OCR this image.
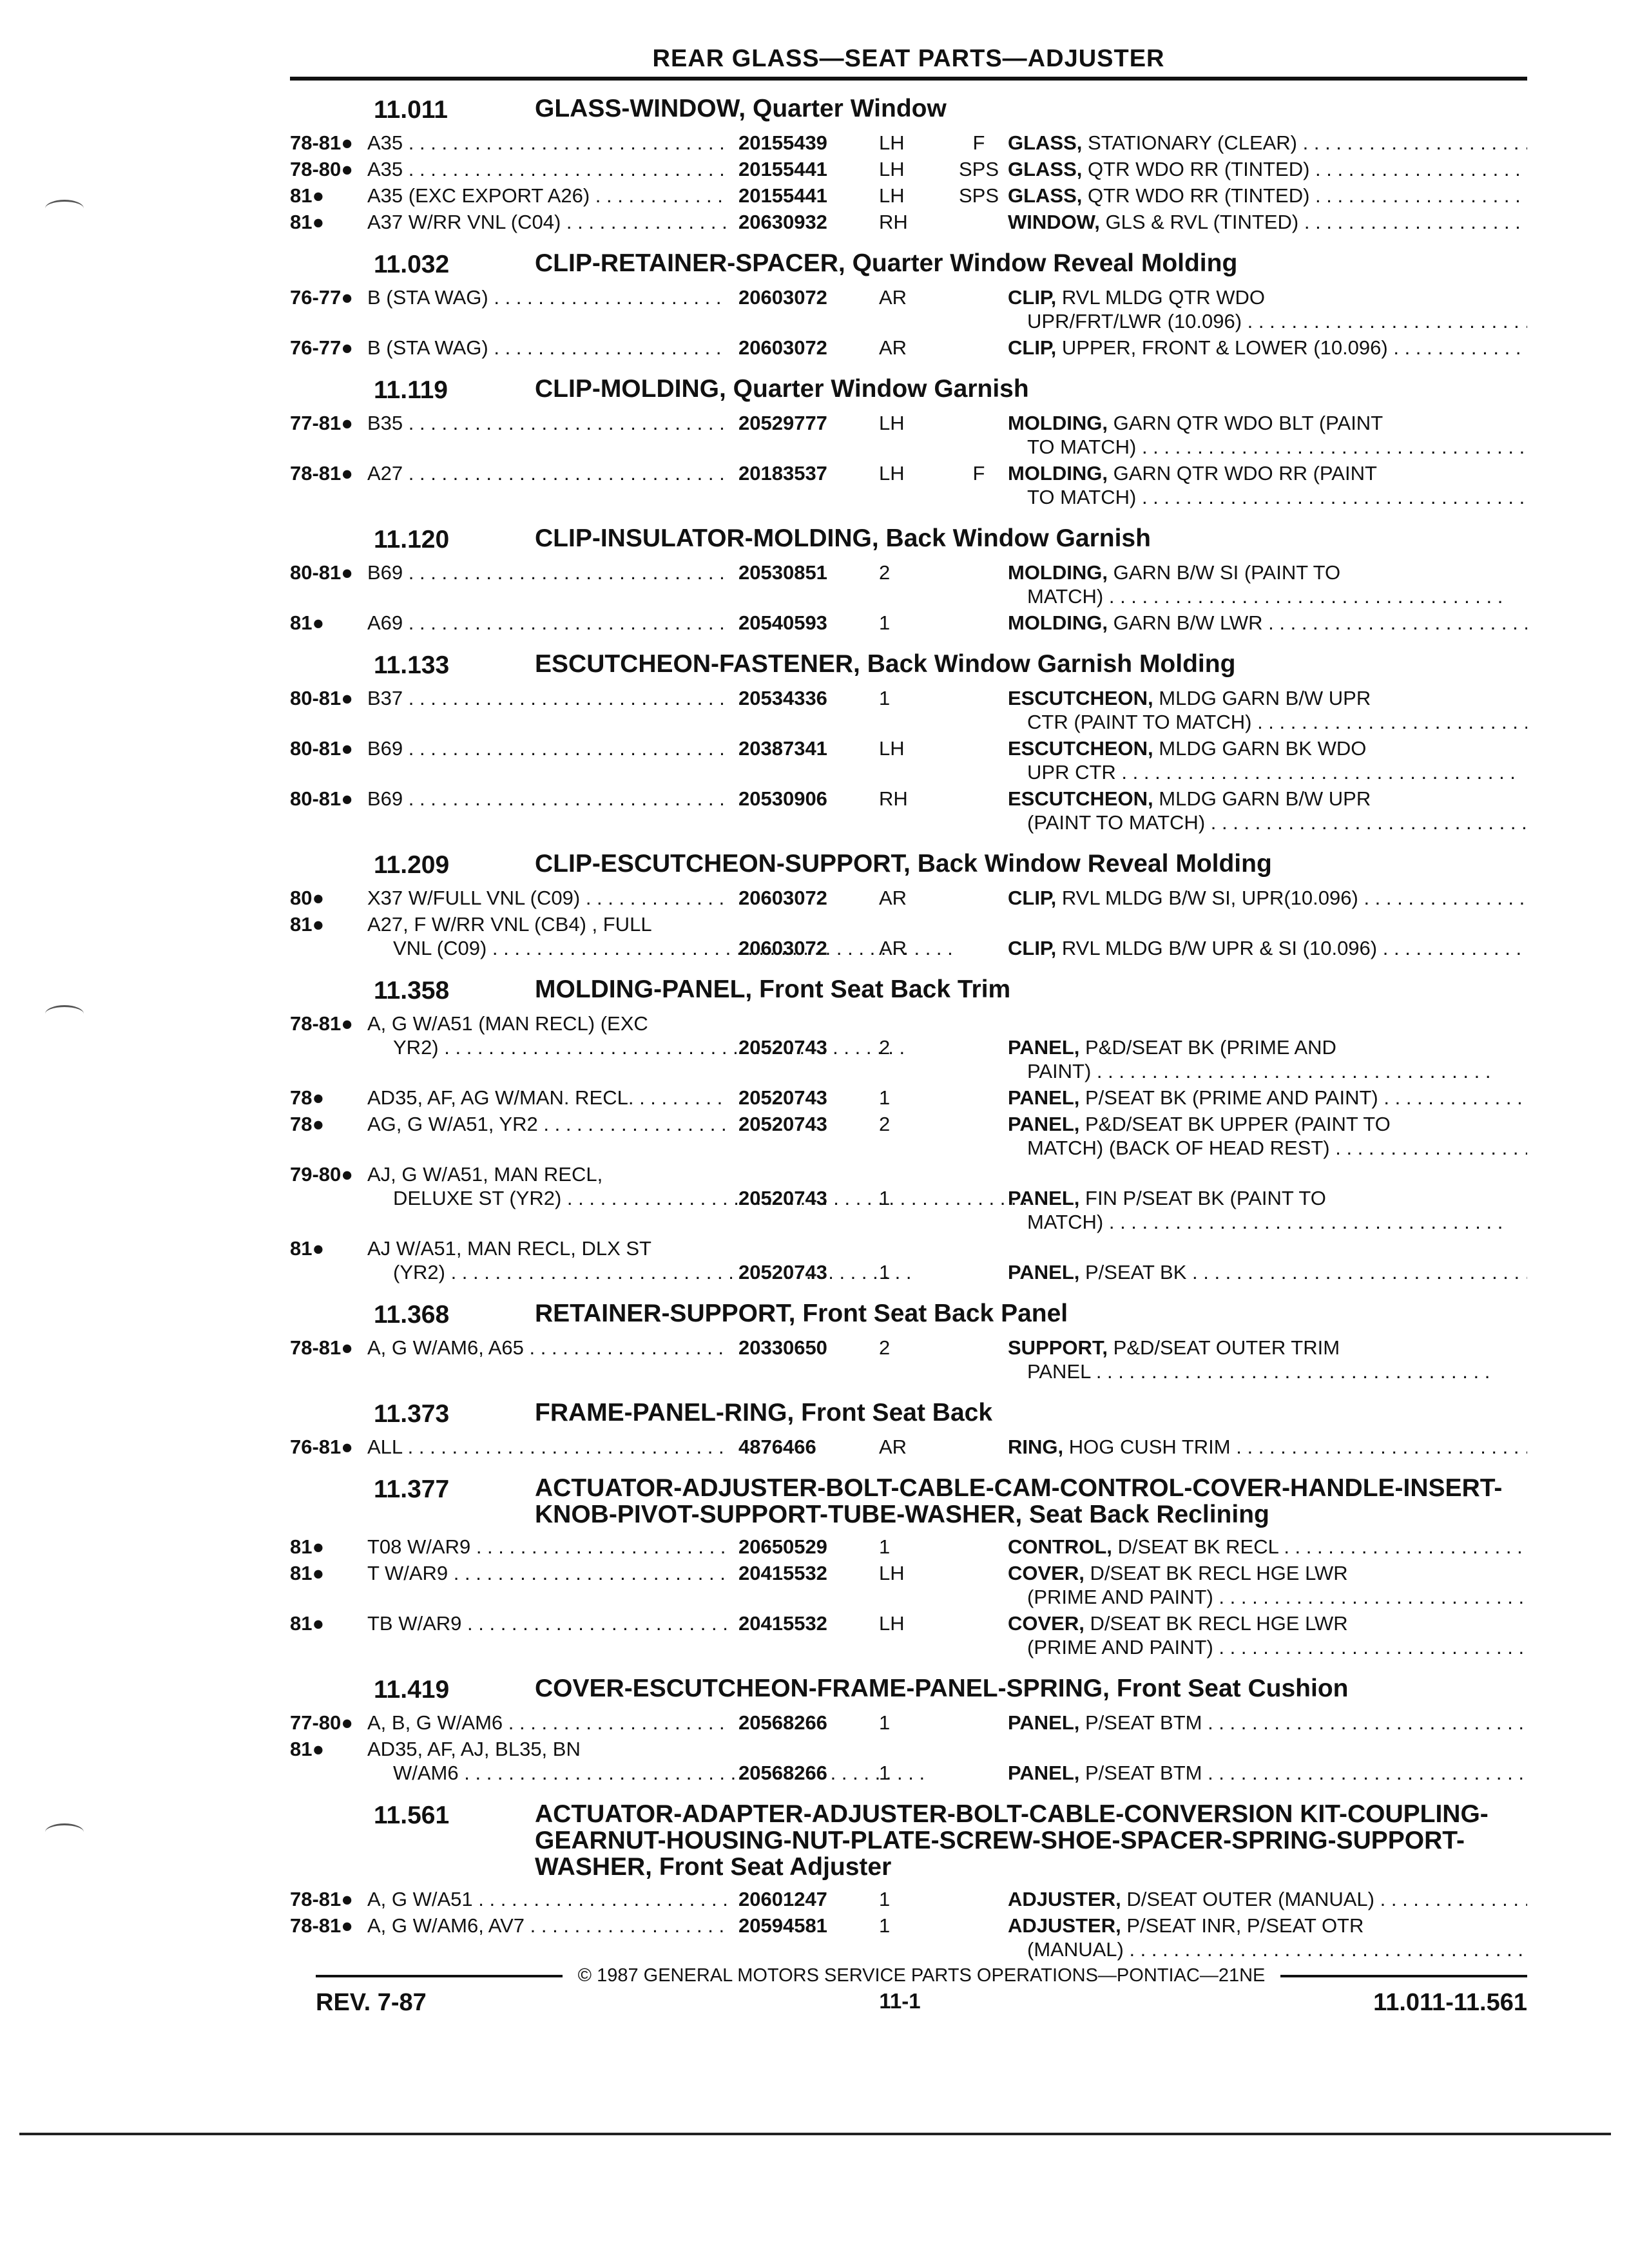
REAR GLASS—SEAT PARTS—ADJUSTER
11.011	GLASS-WINDOW, Quarter Window
78-81● A35 . . .	20155439	LH	F	GLASS, STATIONARY (CLEAR) . . .
78-80● A35 . . .	20155441	LH	SPS GLASS, QTR WDO RR (TINTED) . . .
81●	A35 (EXC EXPORT A26) . . .	20155441	LH	SPS GLASS, QTR WDO RR (TINTED) . . .
81●	A37 W/RR VNL (C04) . . .	20630932	RH	WINDOW, GLS & RVL (TINTED) . . .
11.032	CLIP-RETAINER-SPACER, Quarter Window Reveal Molding
76-77● B (STA WAG) . . .	20603072	AR	CLIP, RVL MLDG QTR WDO
UPR/FRT/LWR (10.096) . . .
76-77● B (STA WAG) . . .	20603072	AR	CLIP, UPPER, FRONT & LOWER (10.096) . . .
11.119	CLIP-MOLDING, Quarter Window Garnish
77-81● B35 . . .	20529777	LH	MOLDING, GARN QTR WDO BLT (PAINT
TO MATCH) . . .
78-81● A27 . . .	20183537	LH	F	MOLDING, GARN QTR WDO RR (PAINT
TO MATCH) . . .
11.120	CLIP-INSULATOR-MOLDING, Back Window Garnish
80-81● B69 . . .	20530851	2	MOLDING, GARN B/W SI (PAINT TO
MATCH) . . .
81●	A69 . . .	20540593	1	MOLDING, GARN B/W LWR . . .
11.133	ESCUTCHEON-FASTENER, Back Window Garnish Molding
80-81● B37 . . .	20534336	1	ESCUTCHEON, MLDG GARN B/W UPR
CTR (PAINT TO MATCH) . . .
80-81● B69 . . .	20387341	LH	ESCUTCHEON, MLDG GARN BK WDO
UPR CTR . . .
80-81● B69 . . .	20530906	RH	ESCUTCHEON, MLDG GARN B/W UPR
(PAINT TO MATCH) . . .
11.209	CLIP-ESCUTCHEON-SUPPORT, Back Window Reveal Molding
80●	X37 W/FULL VNL (C09) . . .	20603072	AR	CLIP, RVL MLDG B/W SI, UPR(10.096) . . .
81●	A27, F W/RR VNL (CB4) , FULL
VNL (C09) . . .	20603072	AR	CLIP, RVL MLDG B/W UPR & SI (10.096) . . .
11.358	MOLDING-PANEL, Front Seat Back Trim
78-81● A, G W/A51 (MAN RECL) (EXC
YR2) . . .	20520743	2	PANEL, P&D/SEAT BK (PRIME AND
PAINT) . . .
78●	AD35, AF, AG W/MAN. RECL. . . .	20520743	1	PANEL, P/SEAT BK (PRIME AND PAINT) . . .
78●	AG, G W/A51, YR2 . . .	20520743	2	PANEL, P&D/SEAT BK UPPER (PAINT TO
MATCH) (BACK OF HEAD REST) . . .
79-80● AJ, G W/A51, MAN RECL,
DELUXE ST (YR2) . . .	20520743	1	PANEL, FIN P/SEAT BK (PAINT TO
MATCH) . . .
81●	AJ W/A51, MAN RECL, DLX ST
(YR2) . . .	20520743	1	PANEL, P/SEAT BK . . .
11.368	RETAINER-SUPPORT, Front Seat Back Panel
78-81● A, G W/AM6, A65 . . .	20330650	2	SUPPORT, P&D/SEAT OUTER TRIM
PANEL . . .
11.373	FRAME-PANEL-RING, Front Seat Back
76-81● ALL . . .	4876466	AR	RING, HOG CUSH TRIM . . .
11.377	ACTUATOR-ADJUSTER-BOLT-CABLE-CAM-CONTROL-COVER-HANDLE-INSERT-KNOB-PIVOT-SUPPORT-TUBE-WASHER, Seat Back Reclining
81●	T08 W/AR9 . . .	20650529	1	CONTROL, D/SEAT BK RECL . . .
81●	T W/AR9 . . .	20415532	LH	COVER, D/SEAT BK RECL HGE LWR
(PRIME AND PAINT) . . .
81●	TB W/AR9 . . .	20415532	LH	COVER, D/SEAT BK RECL HGE LWR
(PRIME AND PAINT) . . .
11.419	COVER-ESCUTCHEON-FRAME-PANEL-SPRING, Front Seat Cushion
77-80● A, B, G W/AM6 . . .	20568266	1	PANEL, P/SEAT BTM . . .
81●	AD35, AF, AJ, BL35, BN
W/AM6 . . .	20568266	1	PANEL, P/SEAT BTM . . .
11.561	ACTUATOR-ADAPTER-ADJUSTER-BOLT-CABLE-CONVERSION KIT-COUPLING-GEARNUT-HOUSING-NUT-PLATE-SCREW-SHOE-SPACER-SPRING-SUPPORT-WASHER, Front Seat Adjuster
78-81● A, G W/A51 . . .	20601247	1	ADJUSTER, D/SEAT OUTER (MANUAL) . . .
78-81● A, G W/AM6, AV7 . . .	20594581	1	ADJUSTER, P/SEAT INR, P/SEAT OTR
(MANUAL) . . .
© 1987 GENERAL MOTORS SERVICE PARTS OPERATIONS—PONTIAC—21NE
REV. 7-87	11-1	11.011-11.561
